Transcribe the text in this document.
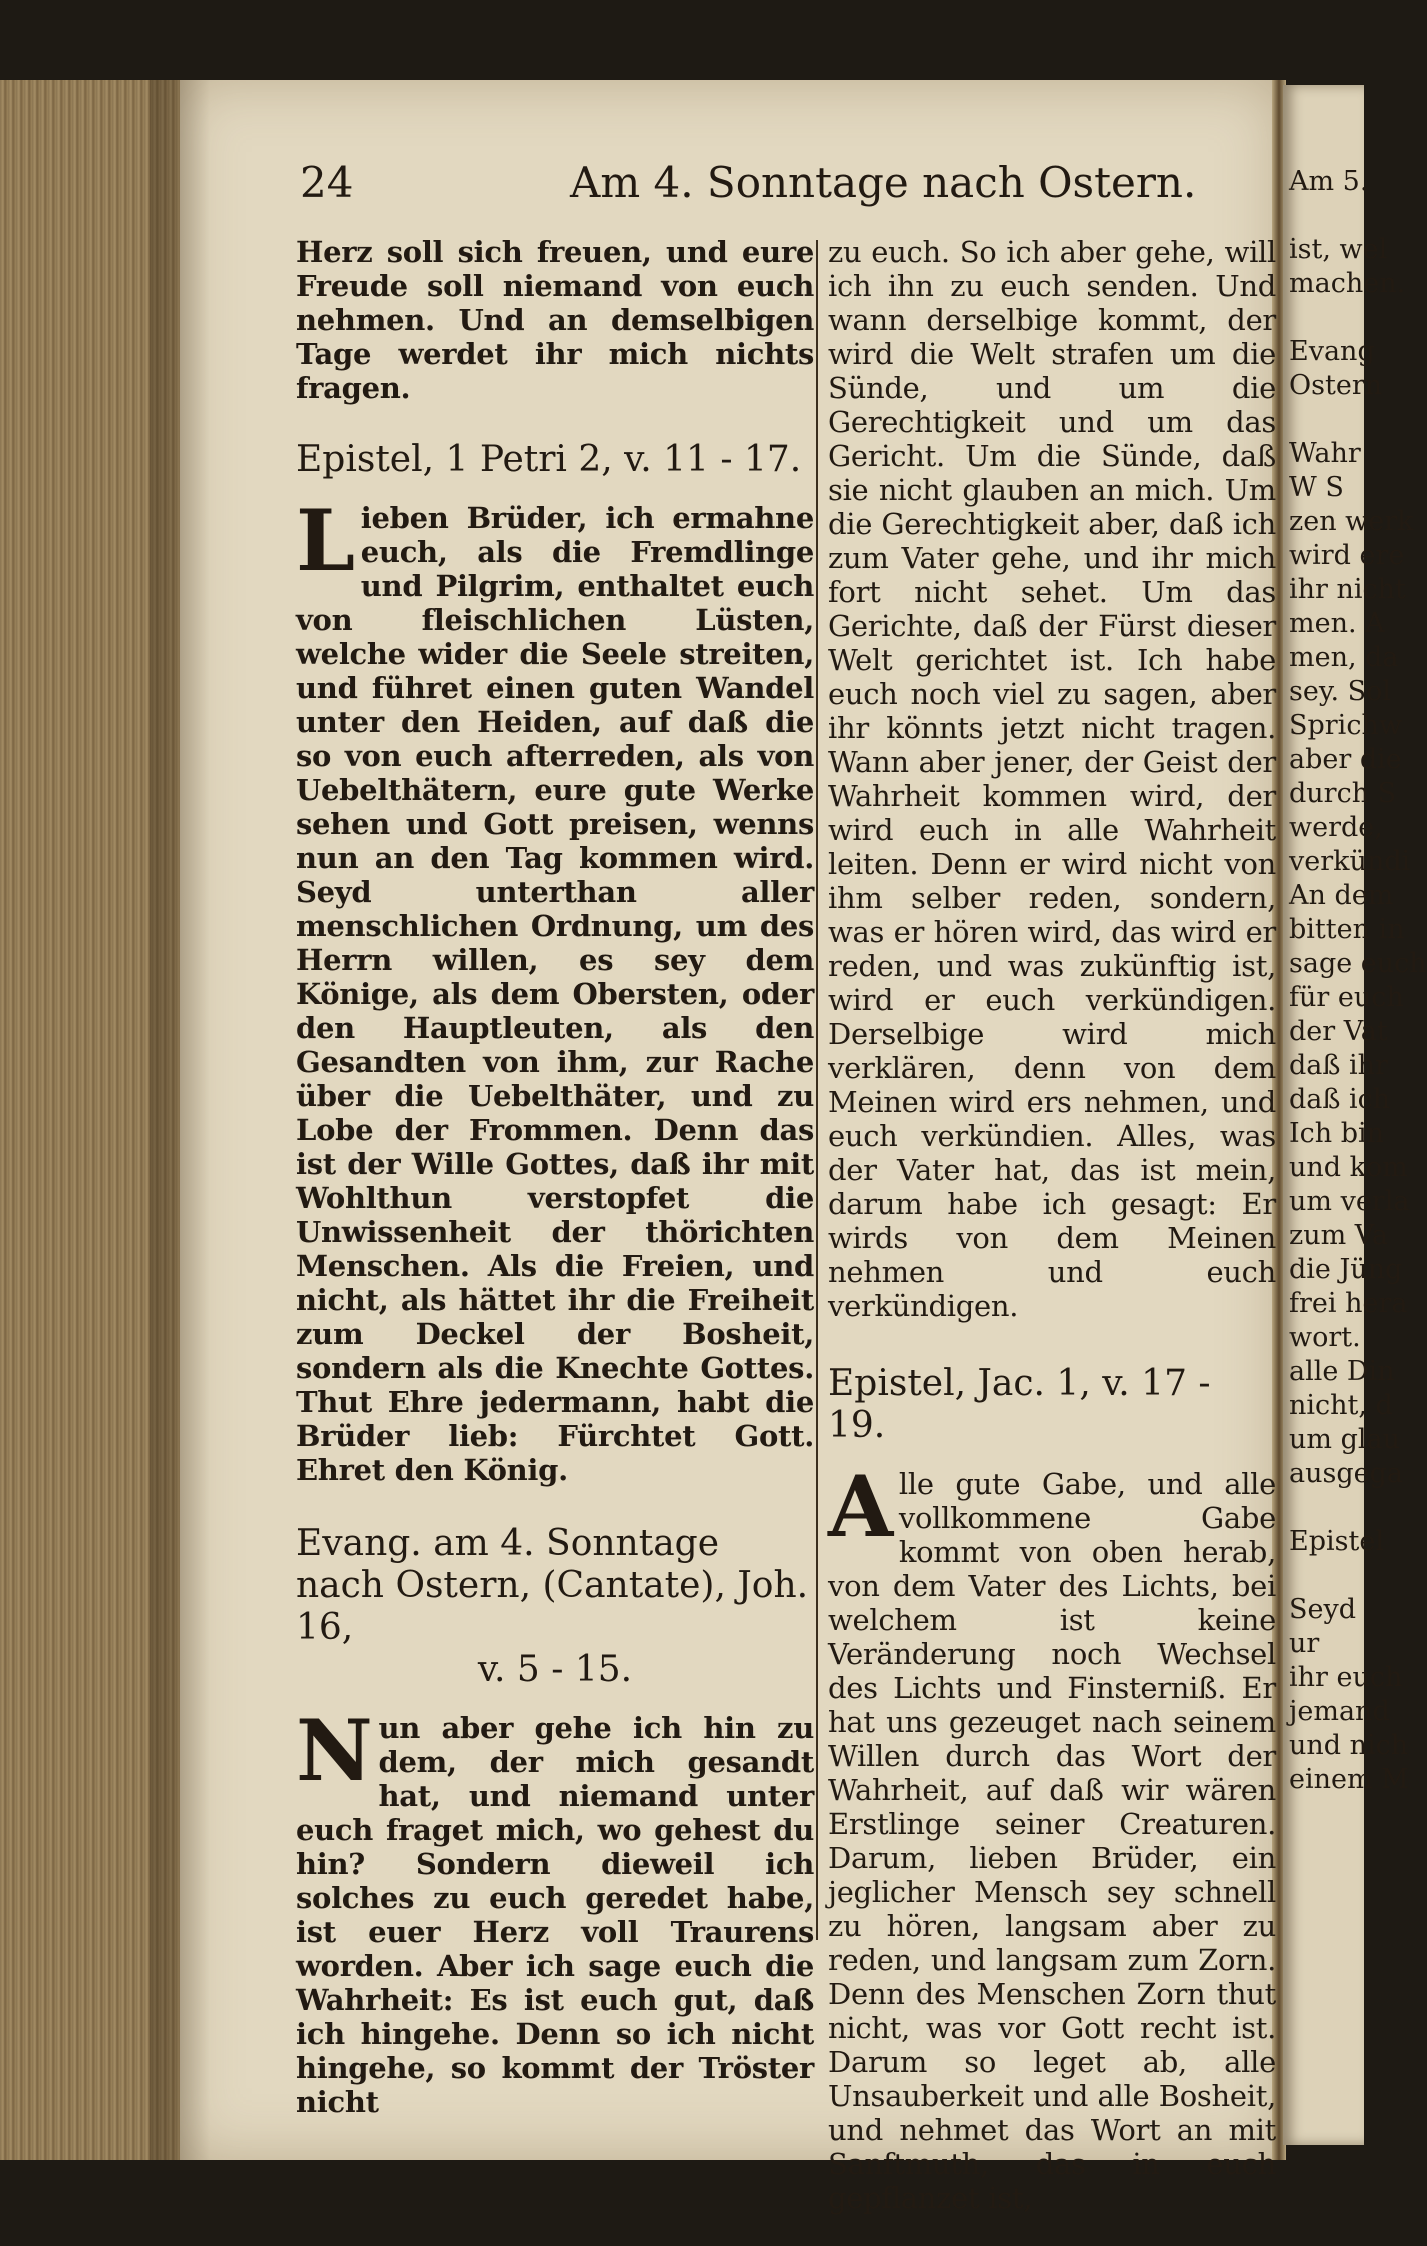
Am 5.

ist, wel
machen.

Evang
Ostern

Wahr
W S
zen werk
wird ere
ihr nicht
men. A
men, da
sey. Sol
Sprichw
aber die
durch S
werde,
verkündi
An dem
bitten in
sage euch
für euch
der Vat
daß ihr
daß ich
Ich bin
und kom
um verla
zum Va
die Jüng
frei hera
wort.
alle Din
nicht, d
um glau
ausgega

Epistel

Seyd
ur
ihr euch
jemand
und nich
einem M
24	Am 4. Sonntage nach Ostern.

Herz soll sich freuen, und eure Freude soll niemand von euch nehmen. Und an demselbigen Tage werdet ihr mich nichts fragen.

Epistel, 1 Petri 2, v. 11 - 17.

Lieben Brüder, ich ermahne euch, als die Fremdlinge und Pilgrim, enthaltet euch von fleischlichen Lüsten, welche wider die Seele streiten, und führet einen guten Wandel unter den Heiden, auf daß die so von euch afterreden, als von Uebelthätern, eure gute Werke sehen und Gott preisen, wenns nun an den Tag kommen wird. Seyd unterthan aller menschlichen Ordnung, um des Herrn willen, es sey dem Könige, als dem Obersten, oder den Hauptleuten, als den Gesandten von ihm, zur Rache über die Uebelthäter, und zu Lobe der Frommen. Denn das ist der Wille Gottes, daß ihr mit Wohlthun verstopfet die Unwissenheit der thörichten Menschen. Als die Freien, und nicht, als hättet ihr die Freiheit zum Deckel der Bosheit, sondern als die Knechte Gottes. Thut Ehre jedermann, habt die Brüder lieb: Fürchtet Gott. Ehret den König.

Evang. am 4. Sonntage nach Ostern, (Cantate), Joh. 16,
v. 5 - 15.

Nun aber gehe ich hin zu dem, der mich gesandt hat, und niemand unter euch fraget mich, wo gehest du hin? Sondern dieweil ich solches zu euch geredet habe, ist euer Herz voll Traurens worden. Aber ich sage euch die Wahrheit: Es ist euch gut, daß ich hingehe. Denn so ich nicht hingehe, so kommt der Tröster nicht

zu euch. So ich aber gehe, will ich ihn zu euch senden. Und wann derselbige kommt, der wird die Welt strafen um die Sünde, und um die Gerechtigkeit und um das Gericht. Um die Sünde, daß sie nicht glauben an mich. Um die Gerechtigkeit aber, daß ich zum Vater gehe, und ihr mich fort nicht sehet. Um das Gerichte, daß der Fürst dieser Welt gerichtet ist. Ich habe euch noch viel zu sagen, aber ihr könnts jetzt nicht tragen. Wann aber jener, der Geist der Wahrheit kommen wird, der wird euch in alle Wahrheit leiten. Denn er wird nicht von ihm selber reden, sondern, was er hören wird, das wird er reden, und was zukünftig ist, wird er euch verkündigen. Derselbige wird mich verklären, denn von dem Meinen wird ers nehmen, und euch verkündien. Alles, was der Vater hat, das ist mein, darum habe ich gesagt: Er wirds von dem Meinen nehmen und euch verkündigen.

Epistel, Jac. 1, v. 17 - 19.

Alle gute Gabe, und alle vollkommene Gabe kommt von oben herab, von dem Vater des Lichts, bei welchem ist keine Veränderung noch Wechsel des Lichts und Finsterniß. Er hat uns gezeuget nach seinem Willen durch das Wort der Wahrheit, auf daß wir wären Erstlinge seiner Creaturen. Darum, lieben Brüder, ein jeglicher Mensch sey schnell zu hören, langsam aber zu reden, und langsam zum Zorn. Denn des Menschen Zorn thut nicht, was vor Gott recht ist. Darum so leget ab, alle Unsauberkeit und alle Bosheit, und nehmet das Wort an mit Sanftmuth, das in euch gepflanzet ist,
